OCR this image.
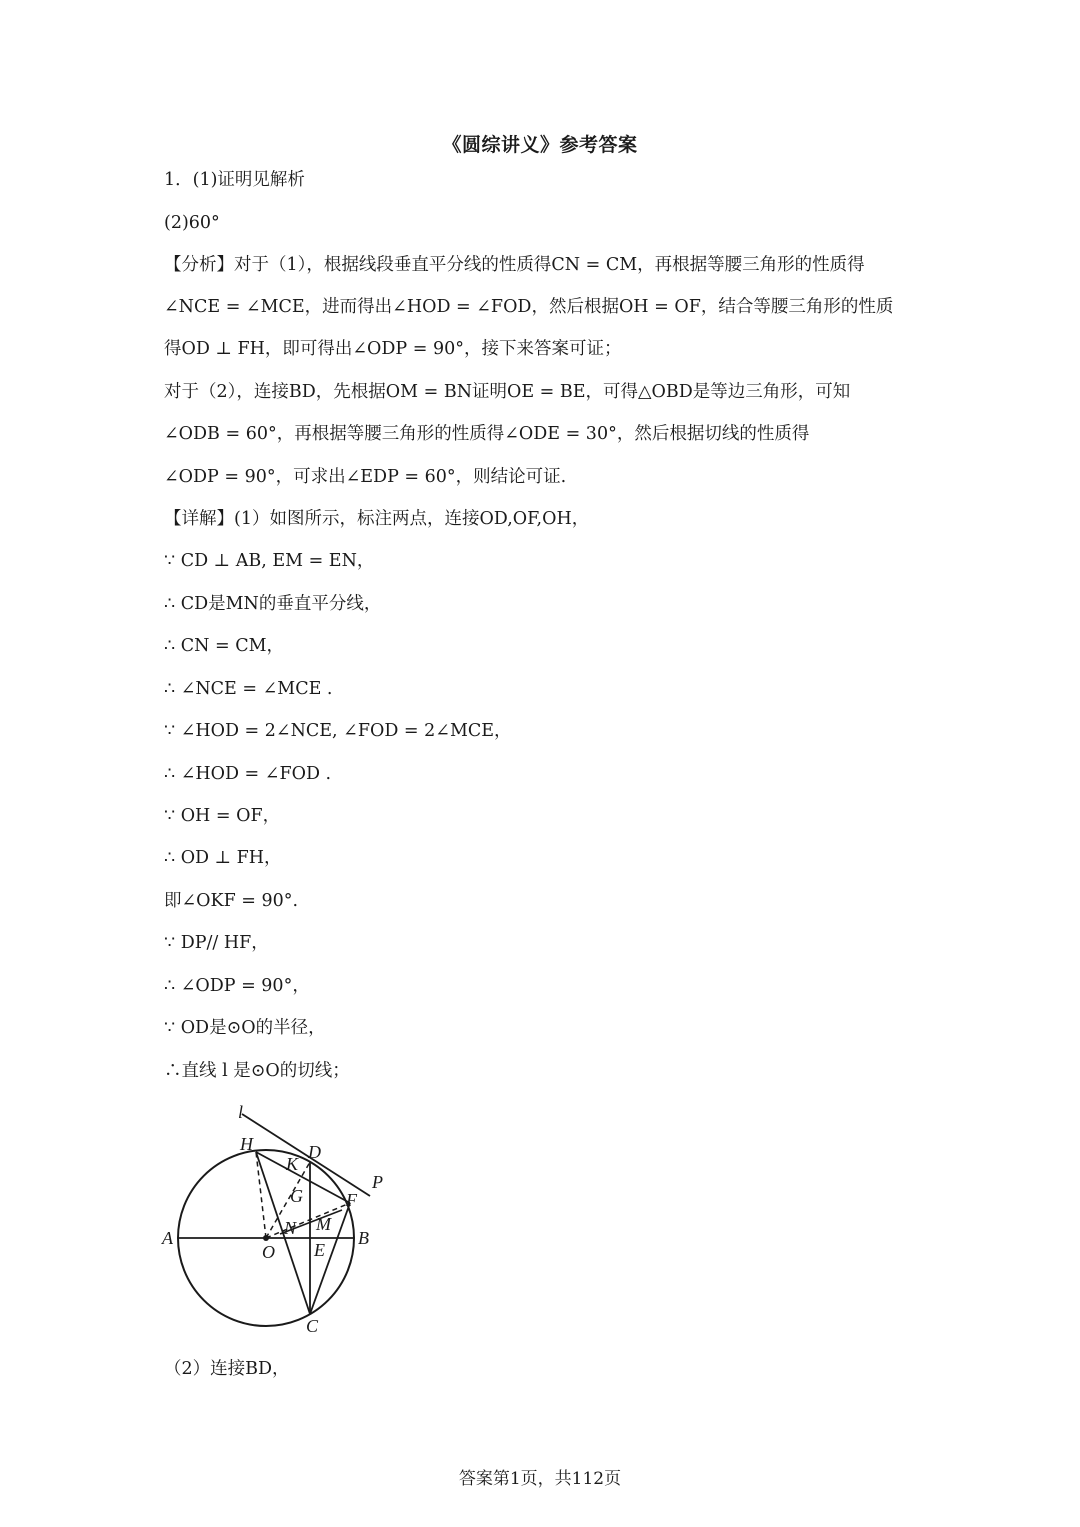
《圆综讲义》参考答案
1．(1)证明见解析
(2)60°
【分析】对于（1），根据线段垂直平分线的性质得CN = CM，再根据等腰三角形的性质得
∠NCE = ∠MCE，进而得出∠HOD = ∠FOD，然后根据OH = OF，结合等腰三角形的性质
得OD ⊥ FH，即可得出∠ODP = 90°，接下来答案可证；
对于（2），连接BD，先根据OM = BN证明OE = BE，可得△OBD是等边三角形，可知
∠ODB = 60°，再根据等腰三角形的性质得∠ODE = 30°，然后根据切线的性质得
∠ODP = 90°，可求出∠EDP = 60°，则结论可证.
【详解】(1）如图所示，标注两点，连接OD,OF,OH，
∵ CD ⊥ AB, EM = EN，
∴ CD是MN的垂直平分线，
∴ CN = CM，
∴ ∠NCE = ∠MCE .
∵ ∠HOD = 2∠NCE, ∠FOD = 2∠MCE，
∴ ∠HOD = ∠FOD .
∵ OH = OF，
∴ OD ⊥ FH，
即∠OKF = 90°.
∵ DP// HF，
∴ ∠ODP = 90°，
∵ OD是⊙O的半径，
∴直线 l 是⊙O的切线；
l
H	D
K
P
G F
N M
A
O E
B
C
（2）连接BD，
答案第1页，共112页
